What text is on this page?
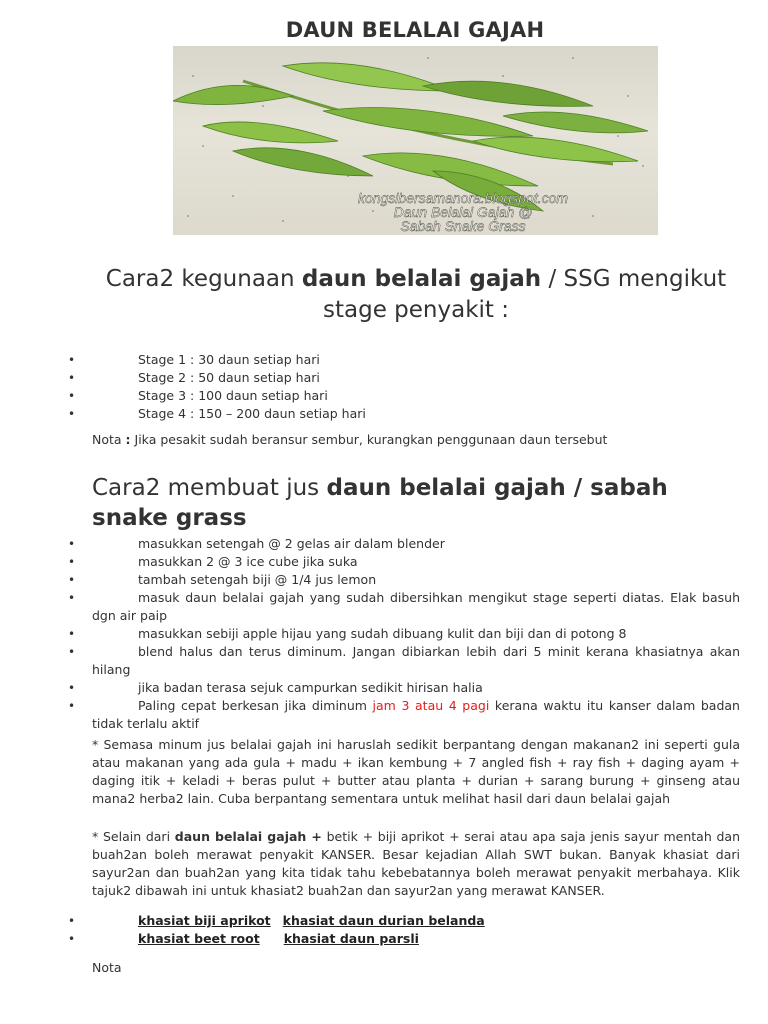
DAUN BELALAI GAJAH
kongsibersamanora.blogspot.com
Daun Belalai Gajah @
Sabah Snake Grass
Cara2 kegunaan daun belalai gajah / SSG mengikut stage penyakit :
•	Stage 1 : 30 daun setiap hari
•	Stage 2 : 50 daun setiap hari
•	Stage 3 : 100 daun setiap hari
•	Stage 4 : 150 – 200 daun setiap hari
Nota : Jika pesakit sudah beransur sembur, kurangkan penggunaan daun tersebut
Cara2 membuat jus daun belalai gajah / sabah snake grass
•	masukkan setengah @ 2 gelas air dalam blender
•	masukkan 2 @ 3 ice cube jika suka
•	tambah setengah biji @ 1/4 jus lemon
•	masuk daun belalai gajah yang sudah dibersihkan mengikut stage seperti diatas. Elak basuh dgn air paip
•	masukkan sebiji apple hijau yang sudah dibuang kulit dan biji dan di potong 8
•	blend halus dan terus diminum. Jangan dibiarkan lebih dari 5 minit kerana khasiatnya akan hilang
•	jika badan terasa sejuk campurkan sedikit hirisan halia
•	Paling cepat berkesan jika diminum jam 3 atau 4 pagi kerana waktu itu kanser dalam badan tidak terlalu aktif
* Semasa minum jus belalai gajah ini haruslah sedikit berpantang dengan makanan2 ini seperti gula atau makanan yang ada gula + madu + ikan kembung + 7 angled fish + ray fish + daging ayam + daging itik + keladi + beras pulut + butter atau planta + durian + sarang burung + ginseng atau mana2 herba2 lain. Cuba berpantang sementara untuk melihat hasil dari daun belalai gajah
* Selain dari daun belalai gajah + betik + biji aprikot + serai atau apa saja jenis sayur mentah dan buah2an boleh merawat penyakit KANSER. Besar kejadian Allah SWT bukan. Banyak khasiat dari sayur2an dan buah2an yang kita tidak tahu kebebatannya boleh merawat penyakit merbahaya. Klik tajuk2 dibawah ini untuk khasiat2 buah2an dan sayur2an yang merawat KANSER.
•	khasiat biji aprikot khasiat daun durian belanda
•	khasiat beet root khasiat daun parsli
Nota
